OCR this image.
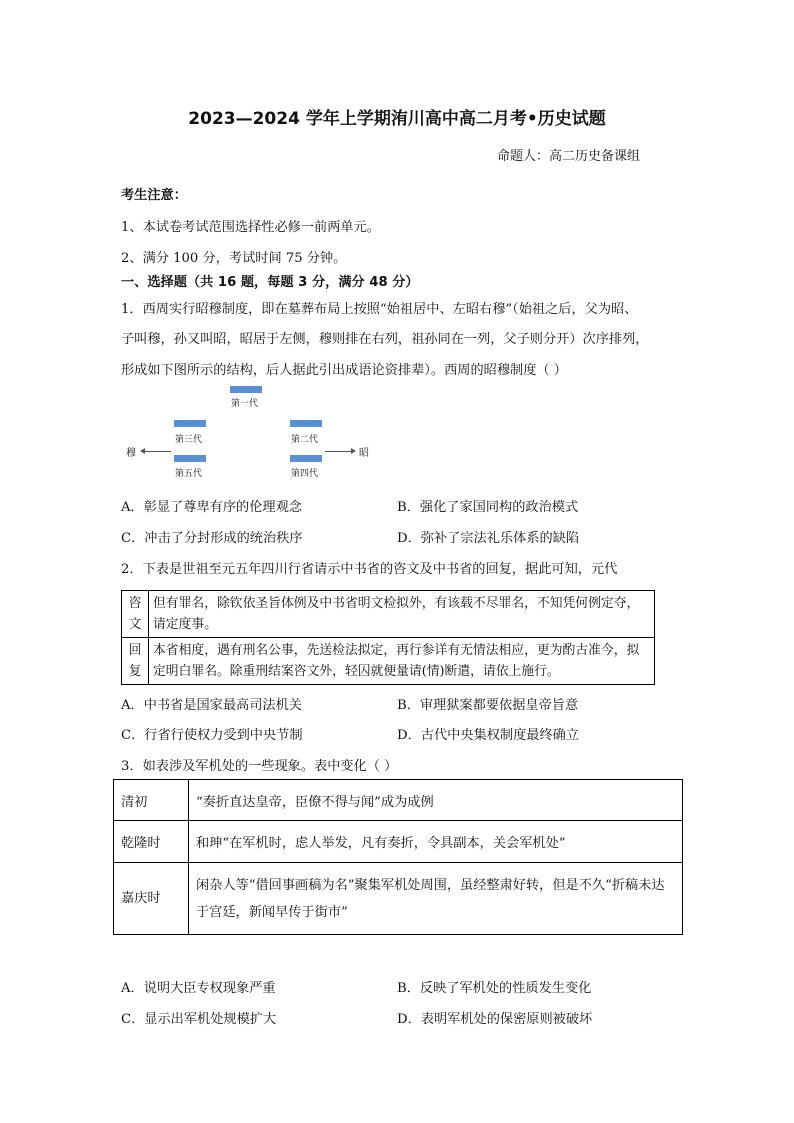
2023—2024 学年上学期洧川高中高二月考•历史试题
命题人：高二历史备课组
考生注意：
1、本试卷考试范围选择性必修一前两单元。
2、满分 100 分，考试时间 75 分钟。
一、选择题（共 16 题，每题 3 分，满分 48 分）
1．西周实行昭穆制度，即在墓葬布局上按照“始祖居中、左昭右穆”（始祖之后，父为昭、
子叫穆，孙又叫昭，昭居于左侧，穆则排在右列，祖孙同在一列，父子则分开）次序排列，
形成如下图所示的结构，后人据此引出成语论资排辈）。西周的昭穆制度（ ）
第一代
第三代	第二代
第五代	第四代
穆	昭
A．彰显了尊卑有序的伦理观念	B．强化了家国同构的政治模式
C．冲击了分封形成的统治秩序	D．弥补了宗法礼乐体系的缺陷
2．下表是世祖至元五年四川行省请示中书省的咨文及中书省的回复，据此可知，元代
咨
文	但有罪名，除钦依圣旨体例及中书省明文检拟外，有该载不尽罪名，不知凭何例定夺，请定度事。

回
复	本省相度，遇有刑名公事，先送检法拟定，再行参详有无情法相应，更为酌古准今，拟定明白罪名。除重刑结案咨文外，轻囚就便量请(情)断遣，请依上施行。
A．中书省是国家最高司法机关	B．审理狱案都要依据皇帝旨意
C．行省行使权力受到中央节制	D．古代中央集权制度最终确立
3．如表涉及军机处的一些现象。表中变化（ ）
清初	“奏折直达皇帝，臣僚不得与闻”成为成例
乾隆时	和珅“在军机时，虑人举发，凡有奏折，令具副本，关会军机处”
嘉庆时	闲杂人等“借回事画稿为名”聚集军机处周围，虽经整肃好转，但是不久“折稿未达于宫廷，新闻早传于街市”
A．说明大臣专权现象严重	B．反映了军机处的性质发生变化
C．显示出军机处规模扩大	D．表明军机处的保密原则被破坏
